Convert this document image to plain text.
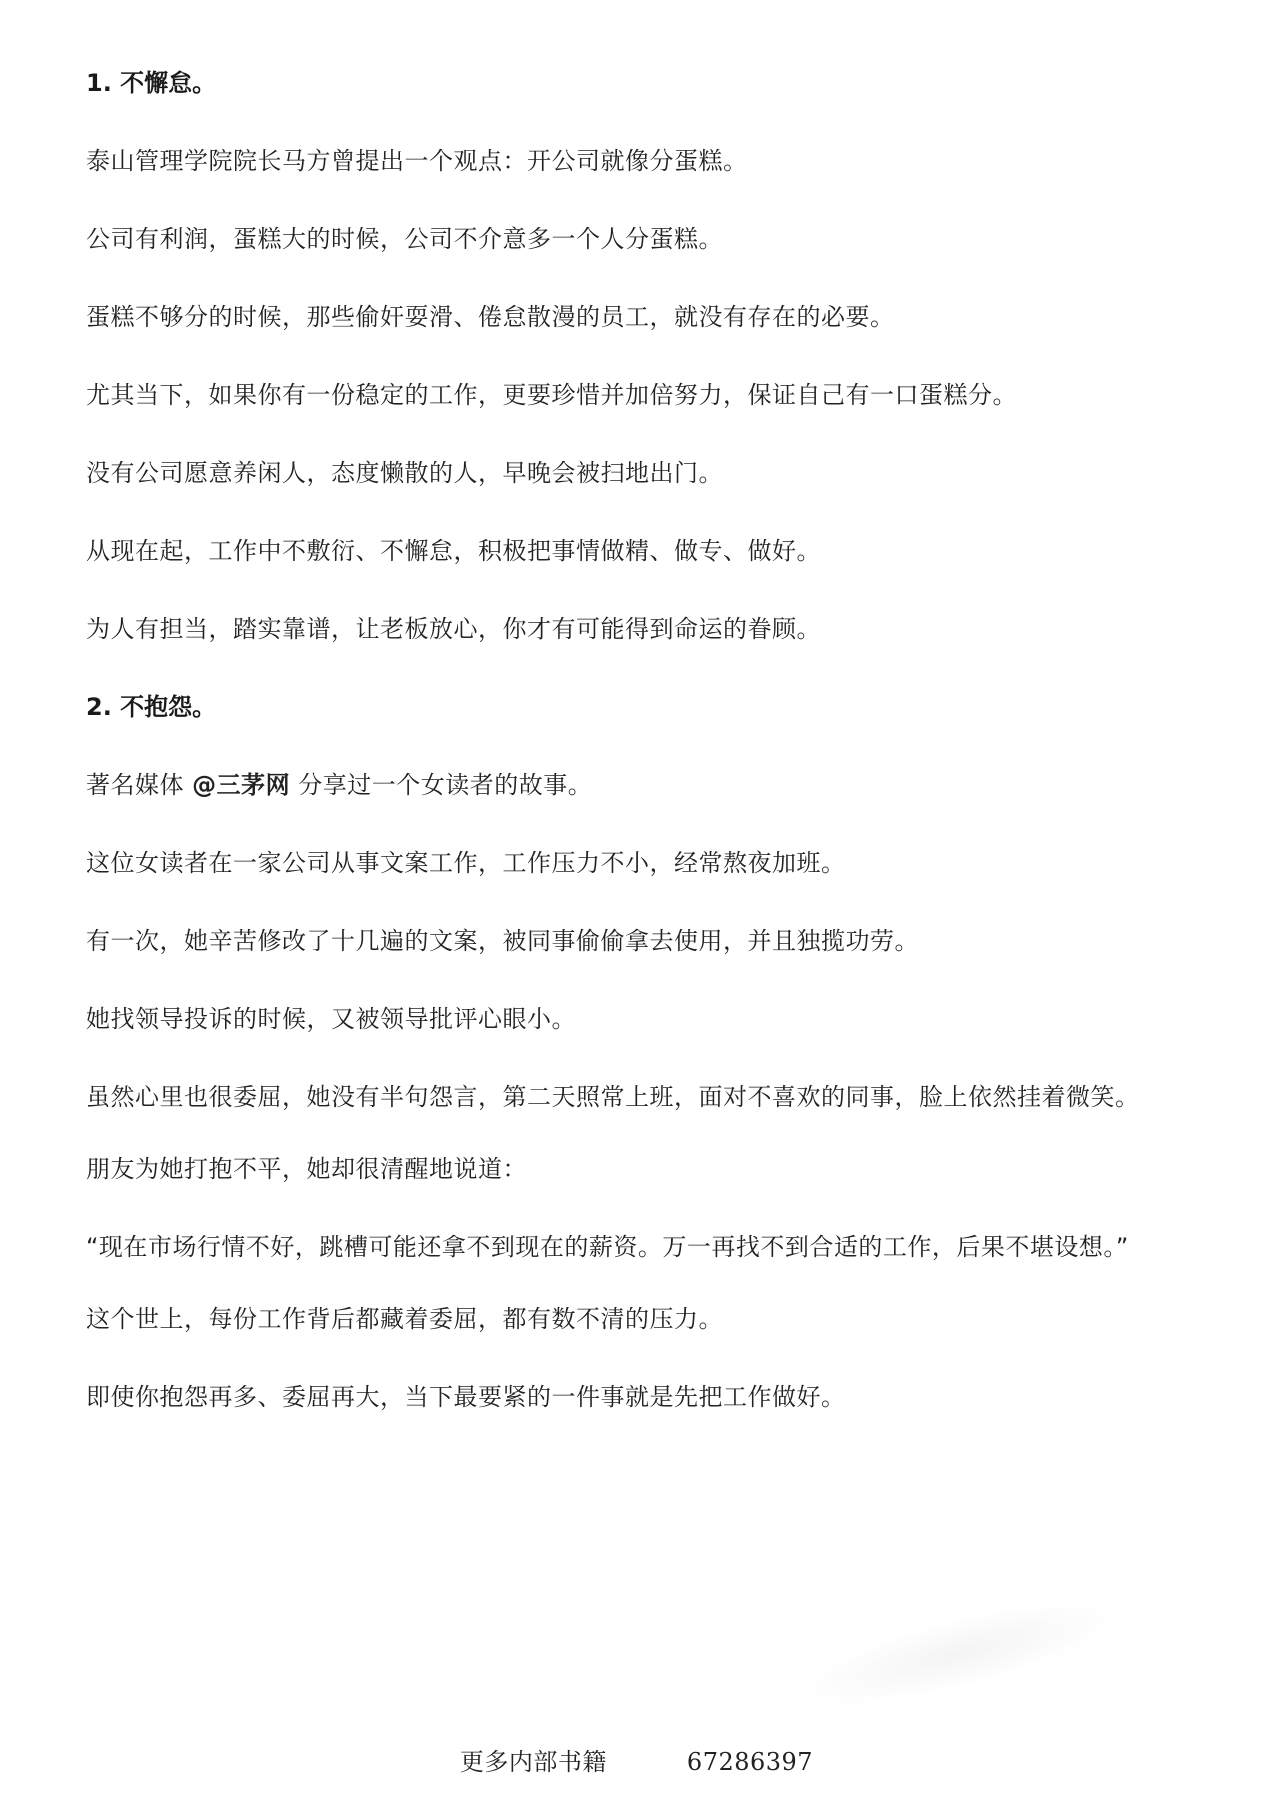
1. 不懈怠。
泰山管理学院院长马方曾提出一个观点：开公司就像分蛋糕。
公司有利润，蛋糕大的时候，公司不介意多一个人分蛋糕。
蛋糕不够分的时候，那些偷奸耍滑、倦怠散漫的员工，就没有存在的必要。
尤其当下，如果你有一份稳定的工作，更要珍惜并加倍努力，保证自己有一口蛋糕分。
没有公司愿意养闲人，态度懒散的人，早晚会被扫地出门。
从现在起，工作中不敷衍、不懈怠，积极把事情做精、做专、做好。
为人有担当，踏实靠谱，让老板放心，你才有可能得到命运的眷顾。
2. 不抱怨。
著名媒体 @三茅网 分享过一个女读者的故事。
这位女读者在一家公司从事文案工作，工作压力不小，经常熬夜加班。
有一次，她辛苦修改了十几遍的文案，被同事偷偷拿去使用，并且独揽功劳。
她找领导投诉的时候，又被领导批评心眼小。
虽然心里也很委屈，她没有半句怨言，第二天照常上班，面对不喜欢的同事，脸上依然挂着微笑。
朋友为她打抱不平，她却很清醒地说道：
“现在市场行情不好，跳槽可能还拿不到现在的薪资。万一再找不到合适的工作，后果不堪设想。”
这个世上，每份工作背后都藏着委屈，都有数不清的压力。
即使你抱怨再多、委屈再大，当下最要紧的一件事就是先把工作做好。
更多内部书籍	67286397
